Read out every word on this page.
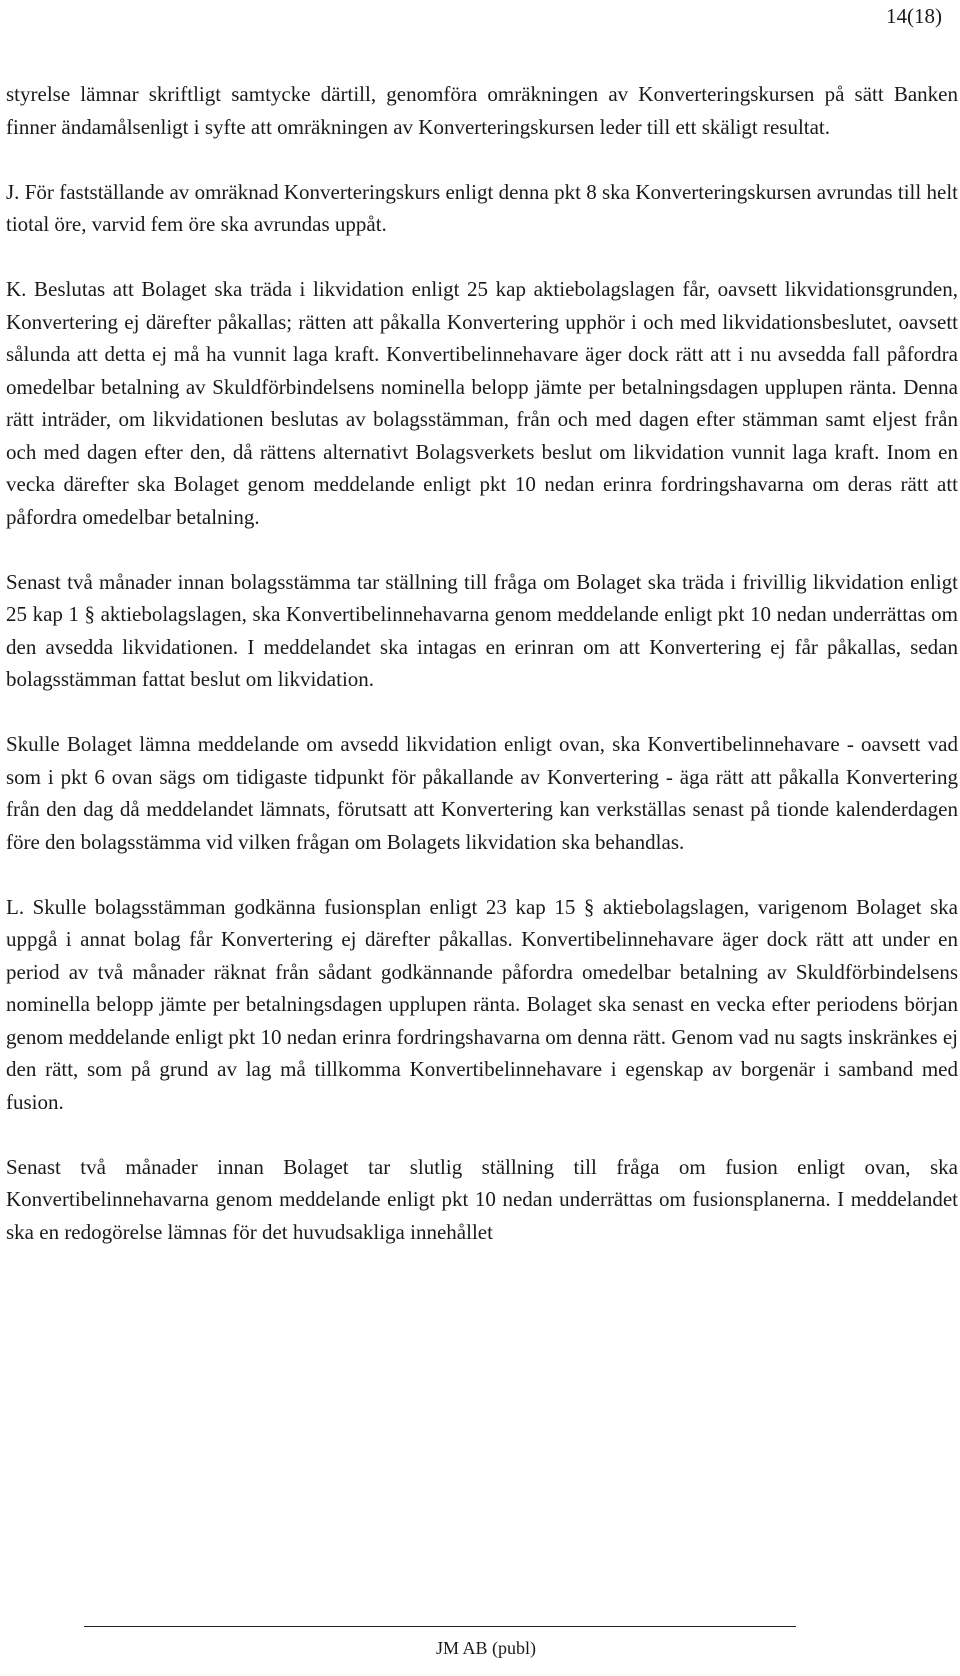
14(18)

styrelse lämnar skriftligt samtycke därtill, genomföra omräkningen av Konverteringskursen på sätt Banken finner ändamålsenligt i syfte att omräkningen av Konverteringskursen leder till ett skäligt resultat.

J. För fastställande av omräknad Konverteringskurs enligt denna pkt 8 ska Konverteringskursen avrundas till helt tiotal öre, varvid fem öre ska avrundas uppåt.

K. Beslutas att Bolaget ska träda i likvidation enligt 25 kap aktiebolagslagen får, oavsett likvidationsgrunden, Konvertering ej därefter påkallas; rätten att påkalla Konvertering upphör i och med likvidationsbeslutet, oavsett sålunda att detta ej må ha vunnit laga kraft. Konvertibelinnehavare äger dock rätt att i nu avsedda fall påfordra omedelbar betalning av Skuldförbindelsens nominella belopp jämte per betalningsdagen upplupen ränta. Denna rätt inträder, om likvidationen beslutas av bolagsstämman, från och med dagen efter stämman samt eljest från och med dagen efter den, då rättens alternativt Bolagsverkets beslut om likvidation vunnit laga kraft. Inom en vecka därefter ska Bolaget genom meddelande enligt pkt 10 nedan erinra fordringshavarna om deras rätt att påfordra omedelbar betalning.

Senast två månader innan bolagsstämma tar ställning till fråga om Bolaget ska träda i frivillig likvidation enligt 25 kap 1 § aktiebolagslagen, ska Konvertibelinnehavarna genom meddelande enligt pkt 10 nedan underrättas om den avsedda likvidationen. I meddelandet ska intagas en erinran om att Konvertering ej får påkallas, sedan bolagsstämman fattat beslut om likvidation.

Skulle Bolaget lämna meddelande om avsedd likvidation enligt ovan, ska Konvertibelinnehavare - oavsett vad som i pkt 6 ovan sägs om tidigaste tidpunkt för påkallande av Konvertering - äga rätt att påkalla Konvertering från den dag då meddelandet lämnats, förutsatt att Konvertering kan verkställas senast på tionde kalenderdagen före den bolagsstämma vid vilken frågan om Bolagets likvidation ska behandlas.

L. Skulle bolagsstämman godkänna fusionsplan enligt 23 kap 15 § aktiebolagslagen, varigenom Bolaget ska uppgå i annat bolag får Konvertering ej därefter påkallas. Konvertibelinnehavare äger dock rätt att under en period av två månader räknat från sådant godkännande påfordra omedelbar betalning av Skuldförbindelsens nominella belopp jämte per betalningsdagen upplupen ränta. Bolaget ska senast en vecka efter periodens början genom meddelande enligt pkt 10 nedan erinra fordringshavarna om denna rätt. Genom vad nu sagts inskränkes ej den rätt, som på grund av lag må tillkomma Konvertibelinnehavare i egenskap av borgenär i samband med fusion.

Senast två månader innan Bolaget tar slutlig ställning till fråga om fusion enligt ovan, ska Konvertibelinnehavarna genom meddelande enligt pkt 10 nedan underrättas om fusionsplanerna. I meddelandet ska en redogörelse lämnas för det huvudsakliga innehållet

JM AB (publ)
